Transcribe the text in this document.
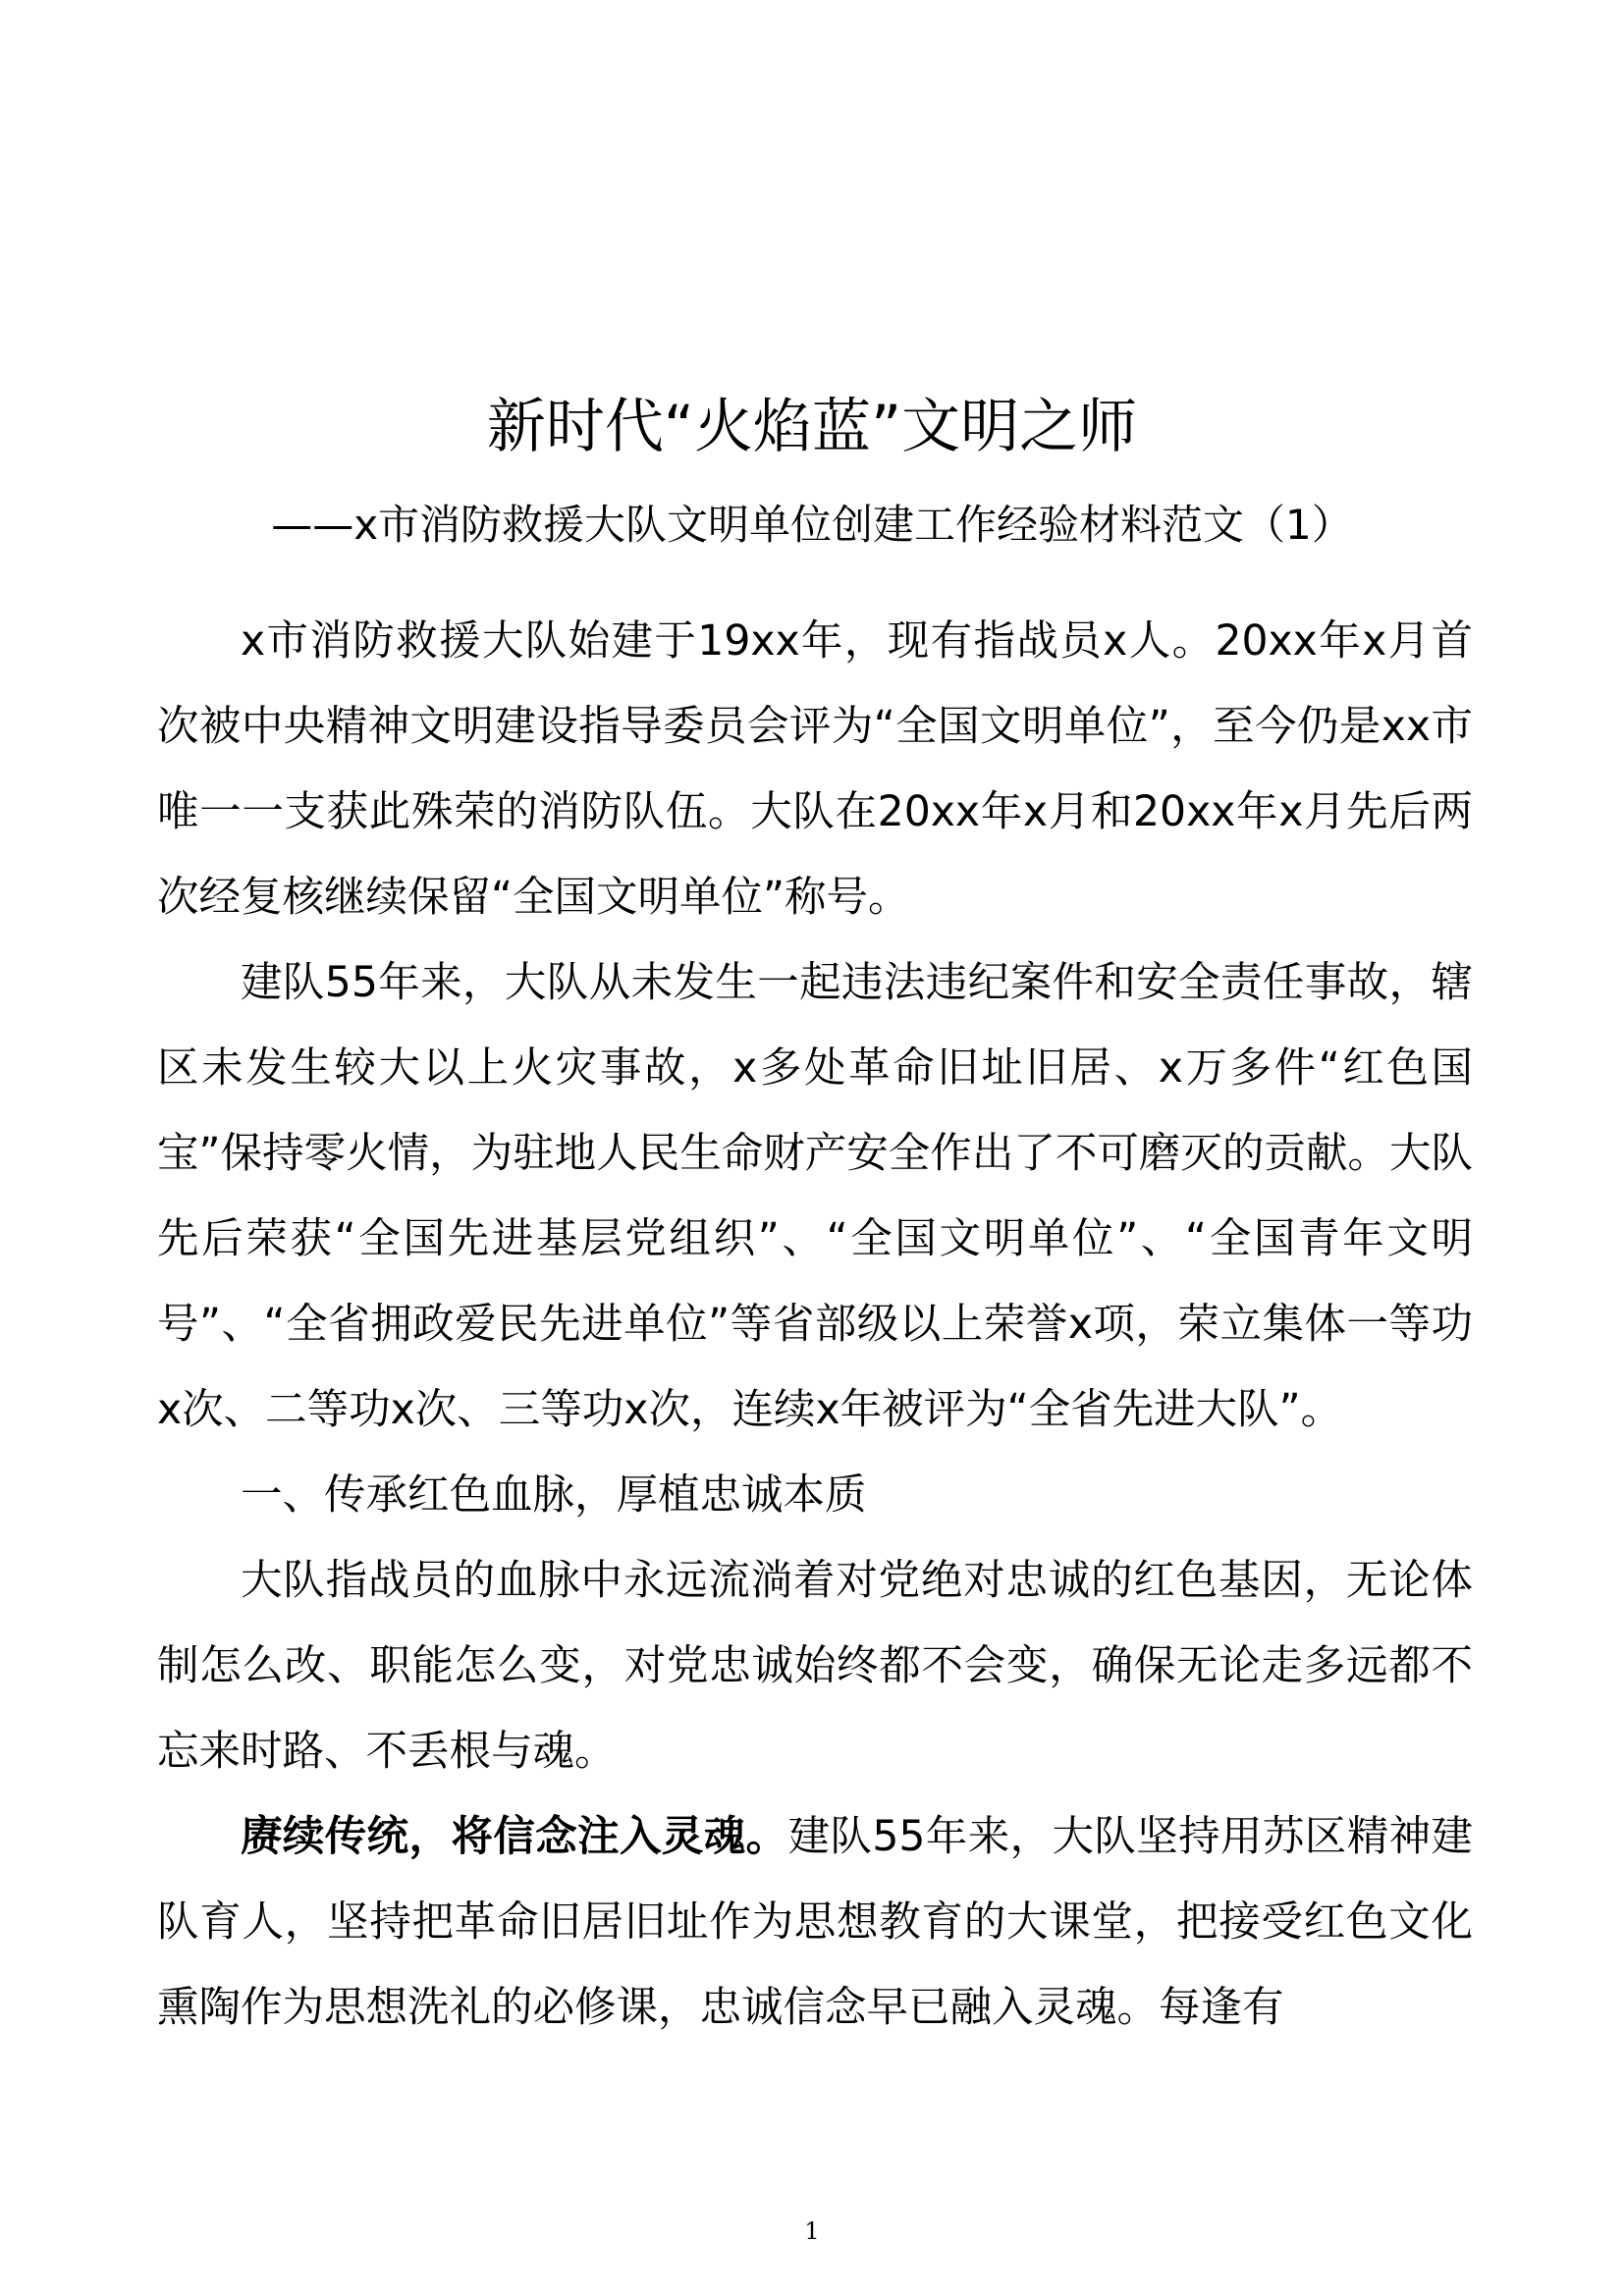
新时代“火焰蓝”文明之师
——x市消防救援大队文明单位创建工作经验材料范文（1）

x市消防救援大队始建于19xx年，现有指战员x人。20xx年x月首次被中央精神文明建设指导委员会评为“全国文明单位”，至今仍是xx市唯一一支获此殊荣的消防队伍。大队在20xx年x月和20xx年x月先后两次经复核继续保留“全国文明单位”称号。

建队55年来，大队从未发生一起违法违纪案件和安全责任事故，辖区未发生较大以上火灾事故，x多处革命旧址旧居、x万多件“红色国宝”保持零火情，为驻地人民生命财产安全作出了不可磨灭的贡献。大队先后荣获“全国先进基层党组织”、“全国文明单位”、“全国青年文明号”、“全省拥政爱民先进单位”等省部级以上荣誉x项，荣立集体一等功x次、二等功x次、三等功x次，连续x年被评为“全省先进大队”。

一、传承红色血脉，厚植忠诚本质

大队指战员的血脉中永远流淌着对党绝对忠诚的红色基因，无论体制怎么改、职能怎么变，对党忠诚始终都不会变，确保无论走多远都不忘来时路、不丢根与魂。

赓续传统，将信念注入灵魂。建队55年来，大队坚持用苏区精神建队育人，坚持把革命旧居旧址作为思想教育的大课堂，把接受红色文化熏陶作为思想洗礼的必修课，忠诚信念早已融入灵魂。每逢有

1
